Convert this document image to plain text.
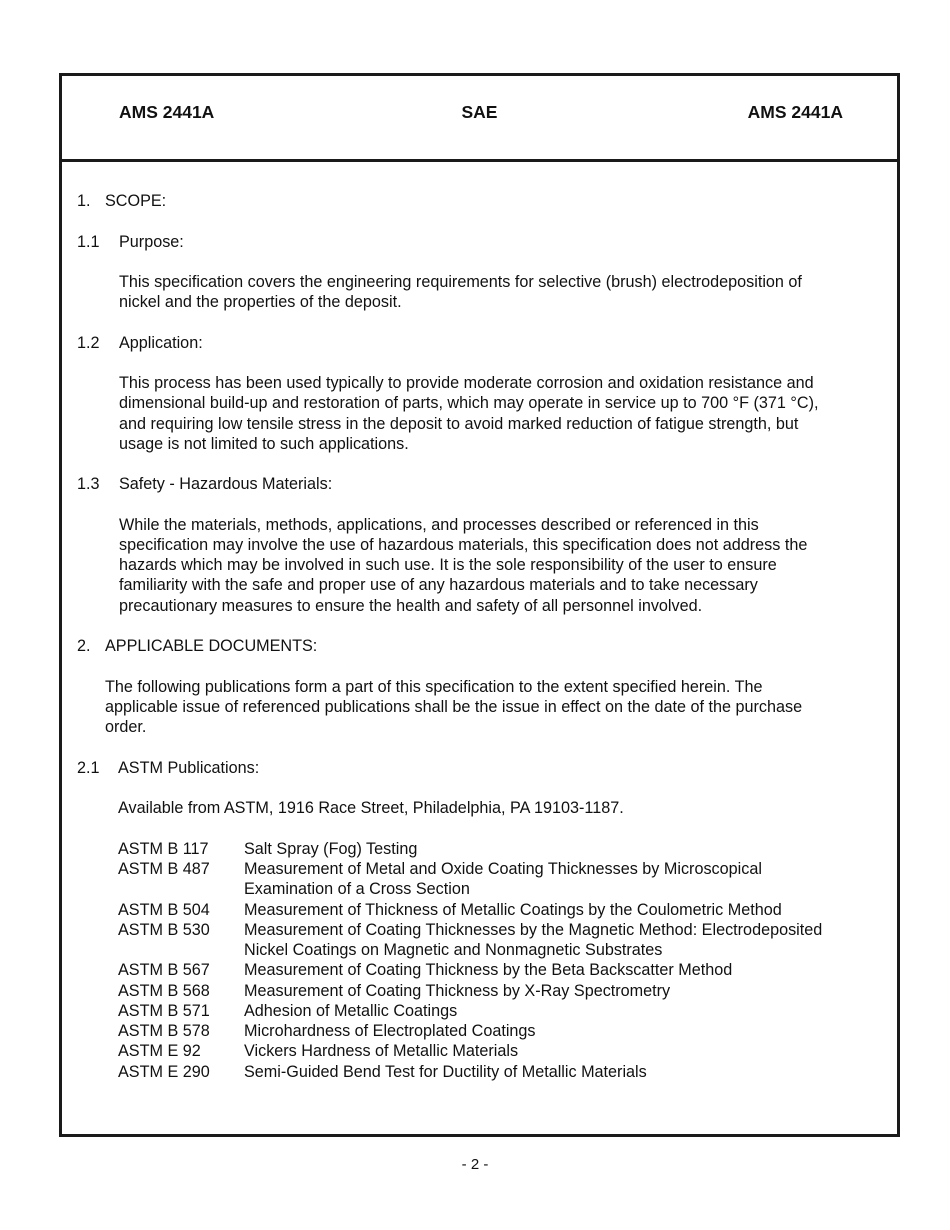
AMS 2441A	SAE	AMS 2441A
1. SCOPE:
1.1 Purpose:
This specification covers the engineering requirements for selective (brush) electrodeposition of
nickel and the properties of the deposit.
1.2 Application:
This process has been used typically to provide moderate corrosion and oxidation resistance and
dimensional build-up and restoration of parts, which may operate in service up to 700 °F (371 °C),
and requiring low tensile stress in the deposit to avoid marked reduction of fatigue strength, but
usage is not limited to such applications.
1.3 Safety - Hazardous Materials:
While the materials, methods, applications, and processes described or referenced in this
specification may involve the use of hazardous materials, this specification does not address the
hazards which may be involved in such use. It is the sole responsibility of the user to ensure
familiarity with the safe and proper use of any hazardous materials and to take necessary
precautionary measures to ensure the health and safety of all personnel involved.
2. APPLICABLE DOCUMENTS:
The following publications form a part of this specification to the extent specified herein. The
applicable issue of referenced publications shall be the issue in effect on the date of the purchase
order.
2.1 ASTM Publications:
Available from ASTM, 1916 Race Street, Philadelphia, PA 19103-1187.
ASTM B 117 Salt Spray (Fog) Testing
ASTM B 487 Measurement of Metal and Oxide Coating Thicknesses by Microscopical
Examination of a Cross Section
ASTM B 504 Measurement of Thickness of Metallic Coatings by the Coulometric Method
ASTM B 530 Measurement of Coating Thicknesses by the Magnetic Method: Electrodeposited
Nickel Coatings on Magnetic and Nonmagnetic Substrates
ASTM B 567 Measurement of Coating Thickness by the Beta Backscatter Method
ASTM B 568 Measurement of Coating Thickness by X-Ray Spectrometry
ASTM B 571 Adhesion of Metallic Coatings
ASTM B 578 Microhardness of Electroplated Coatings
ASTM E 92	Vickers Hardness of Metallic Materials
ASTM E 290 Semi-Guided Bend Test for Ductility of Metallic Materials
- 2 -
